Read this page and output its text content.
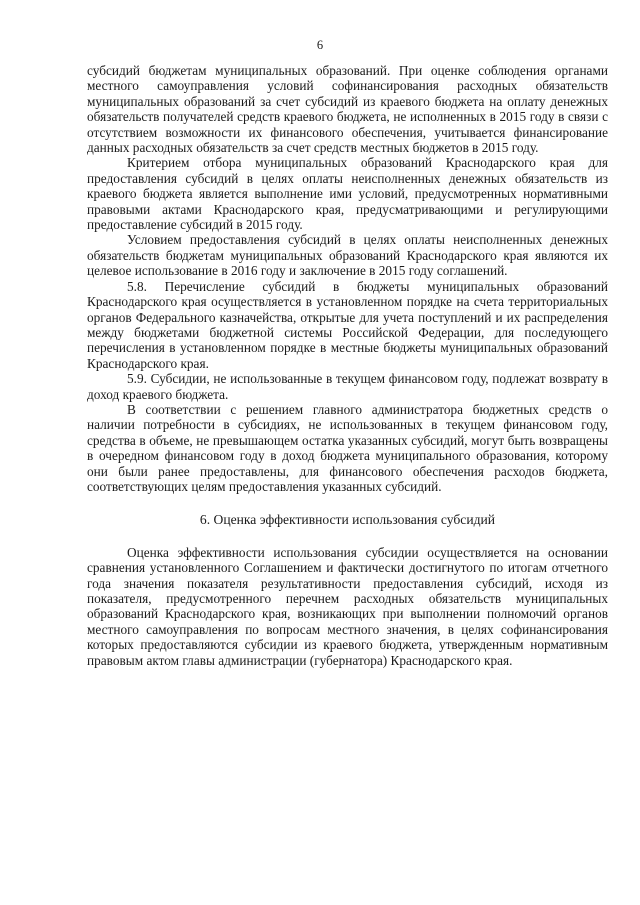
6

субсидий бюджетам муниципальных образований. При оценке соблюдения органами местного самоуправления условий софинансирования расходных обязательств муниципальных образований за счет субсидий из краевого бюджета на оплату денежных обязательств получателей средств краевого бюджета, не исполненных в 2015 году в связи с отсутствием возможности их финансового обеспечения, учитывается финансирование данных расходных обязательств за счет средств местных бюджетов в 2015 году.

Критерием отбора муниципальных образований Краснодарского края для предоставления субсидий в целях оплаты неисполненных денежных обязательств из краевого бюджета является выполнение ими условий, предусмотренных нормативными правовыми актами Краснодарского края, предусматривающими и регулирующими предоставление субсидий в 2015 году.

Условием предоставления субсидий в целях оплаты неисполненных денежных обязательств бюджетам муниципальных образований Краснодарского края являются их целевое использование в 2016 году и заключение в 2015 году соглашений.

5.8. Перечисление субсидий в бюджеты муниципальных образований Краснодарского края осуществляется в установленном порядке на счета территориальных органов Федерального казначейства, открытые для учета поступлений и их распределения между бюджетами бюджетной системы Российской Федерации, для последующего перечисления в установленном порядке в местные бюджеты муниципальных образований Краснодарского края.

5.9. Субсидии, не использованные в текущем финансовом году, подлежат возврату в доход краевого бюджета.

В соответствии с решением главного администратора бюджетных средств о наличии потребности в субсидиях, не использованных в текущем финансовом году, средства в объеме, не превышающем остатка указанных субсидий, могут быть возвращены в очередном финансовом году в доход бюджета муниципального образования, которому они были ранее предоставлены, для финансового обеспечения расходов бюджета, соответствующих целям предоставления указанных субсидий.

6. Оценка эффективности использования субсидий

Оценка эффективности использования субсидии осуществляется на основании сравнения установленного Соглашением и фактически достигнутого по итогам отчетного года значения показателя результативности предоставления субсидий, исходя из показателя, предусмотренного перечнем расходных обязательств муниципальных образований Краснодарского края, возникающих при выполнении полномочий органов местного самоуправления по вопросам местного значения, в целях софинансирования которых предоставляются субсидии из краевого бюджета, утвержденным нормативным правовым актом главы администрации (губернатора) Краснодарского края.
